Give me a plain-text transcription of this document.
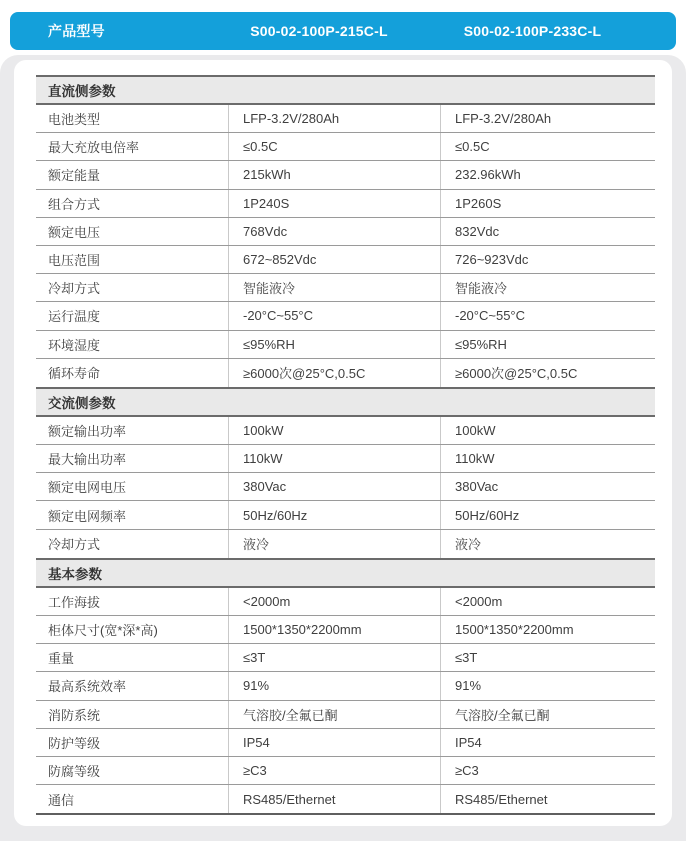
产品型号	S00-02-100P-215C-L	S00-02-100P-233C-L
直流侧参数
电池类型	LFP-3.2V/280Ah	LFP-3.2V/280Ah
最大充放电倍率	≤0.5C	≤0.5C
额定能量	215kWh	232.96kWh
组合方式	1P240S	1P260S
额定电压	768Vdc	832Vdc
电压范围	672~852Vdc	726~923Vdc
冷却方式	智能液冷	智能液冷
运行温度	-20°C~55°C	-20°C~55°C
环境湿度	≤95%RH	≤95%RH
循环寿命	≥6000次@25°C,0.5C	≥6000次@25°C,0.5C
交流侧参数
额定输出功率	100kW	100kW
最大输出功率	110kW	110kW
额定电网电压	380Vac	380Vac
额定电网频率	50Hz/60Hz	50Hz/60Hz
冷却方式	液冷	液冷
基本参数
工作海拔	<2000m	<2000m
柜体尺寸(宽*深*高)	1500*1350*2200mm	1500*1350*2200mm
重量	≤3T	≤3T
最高系统效率	91%	91%
消防系统	气溶胶/全氟已酮	气溶胶/全氟已酮
防护等级	IP54	IP54
防腐等级	≥C3	≥C3
通信	RS485/Ethernet	RS485/Ethernet
